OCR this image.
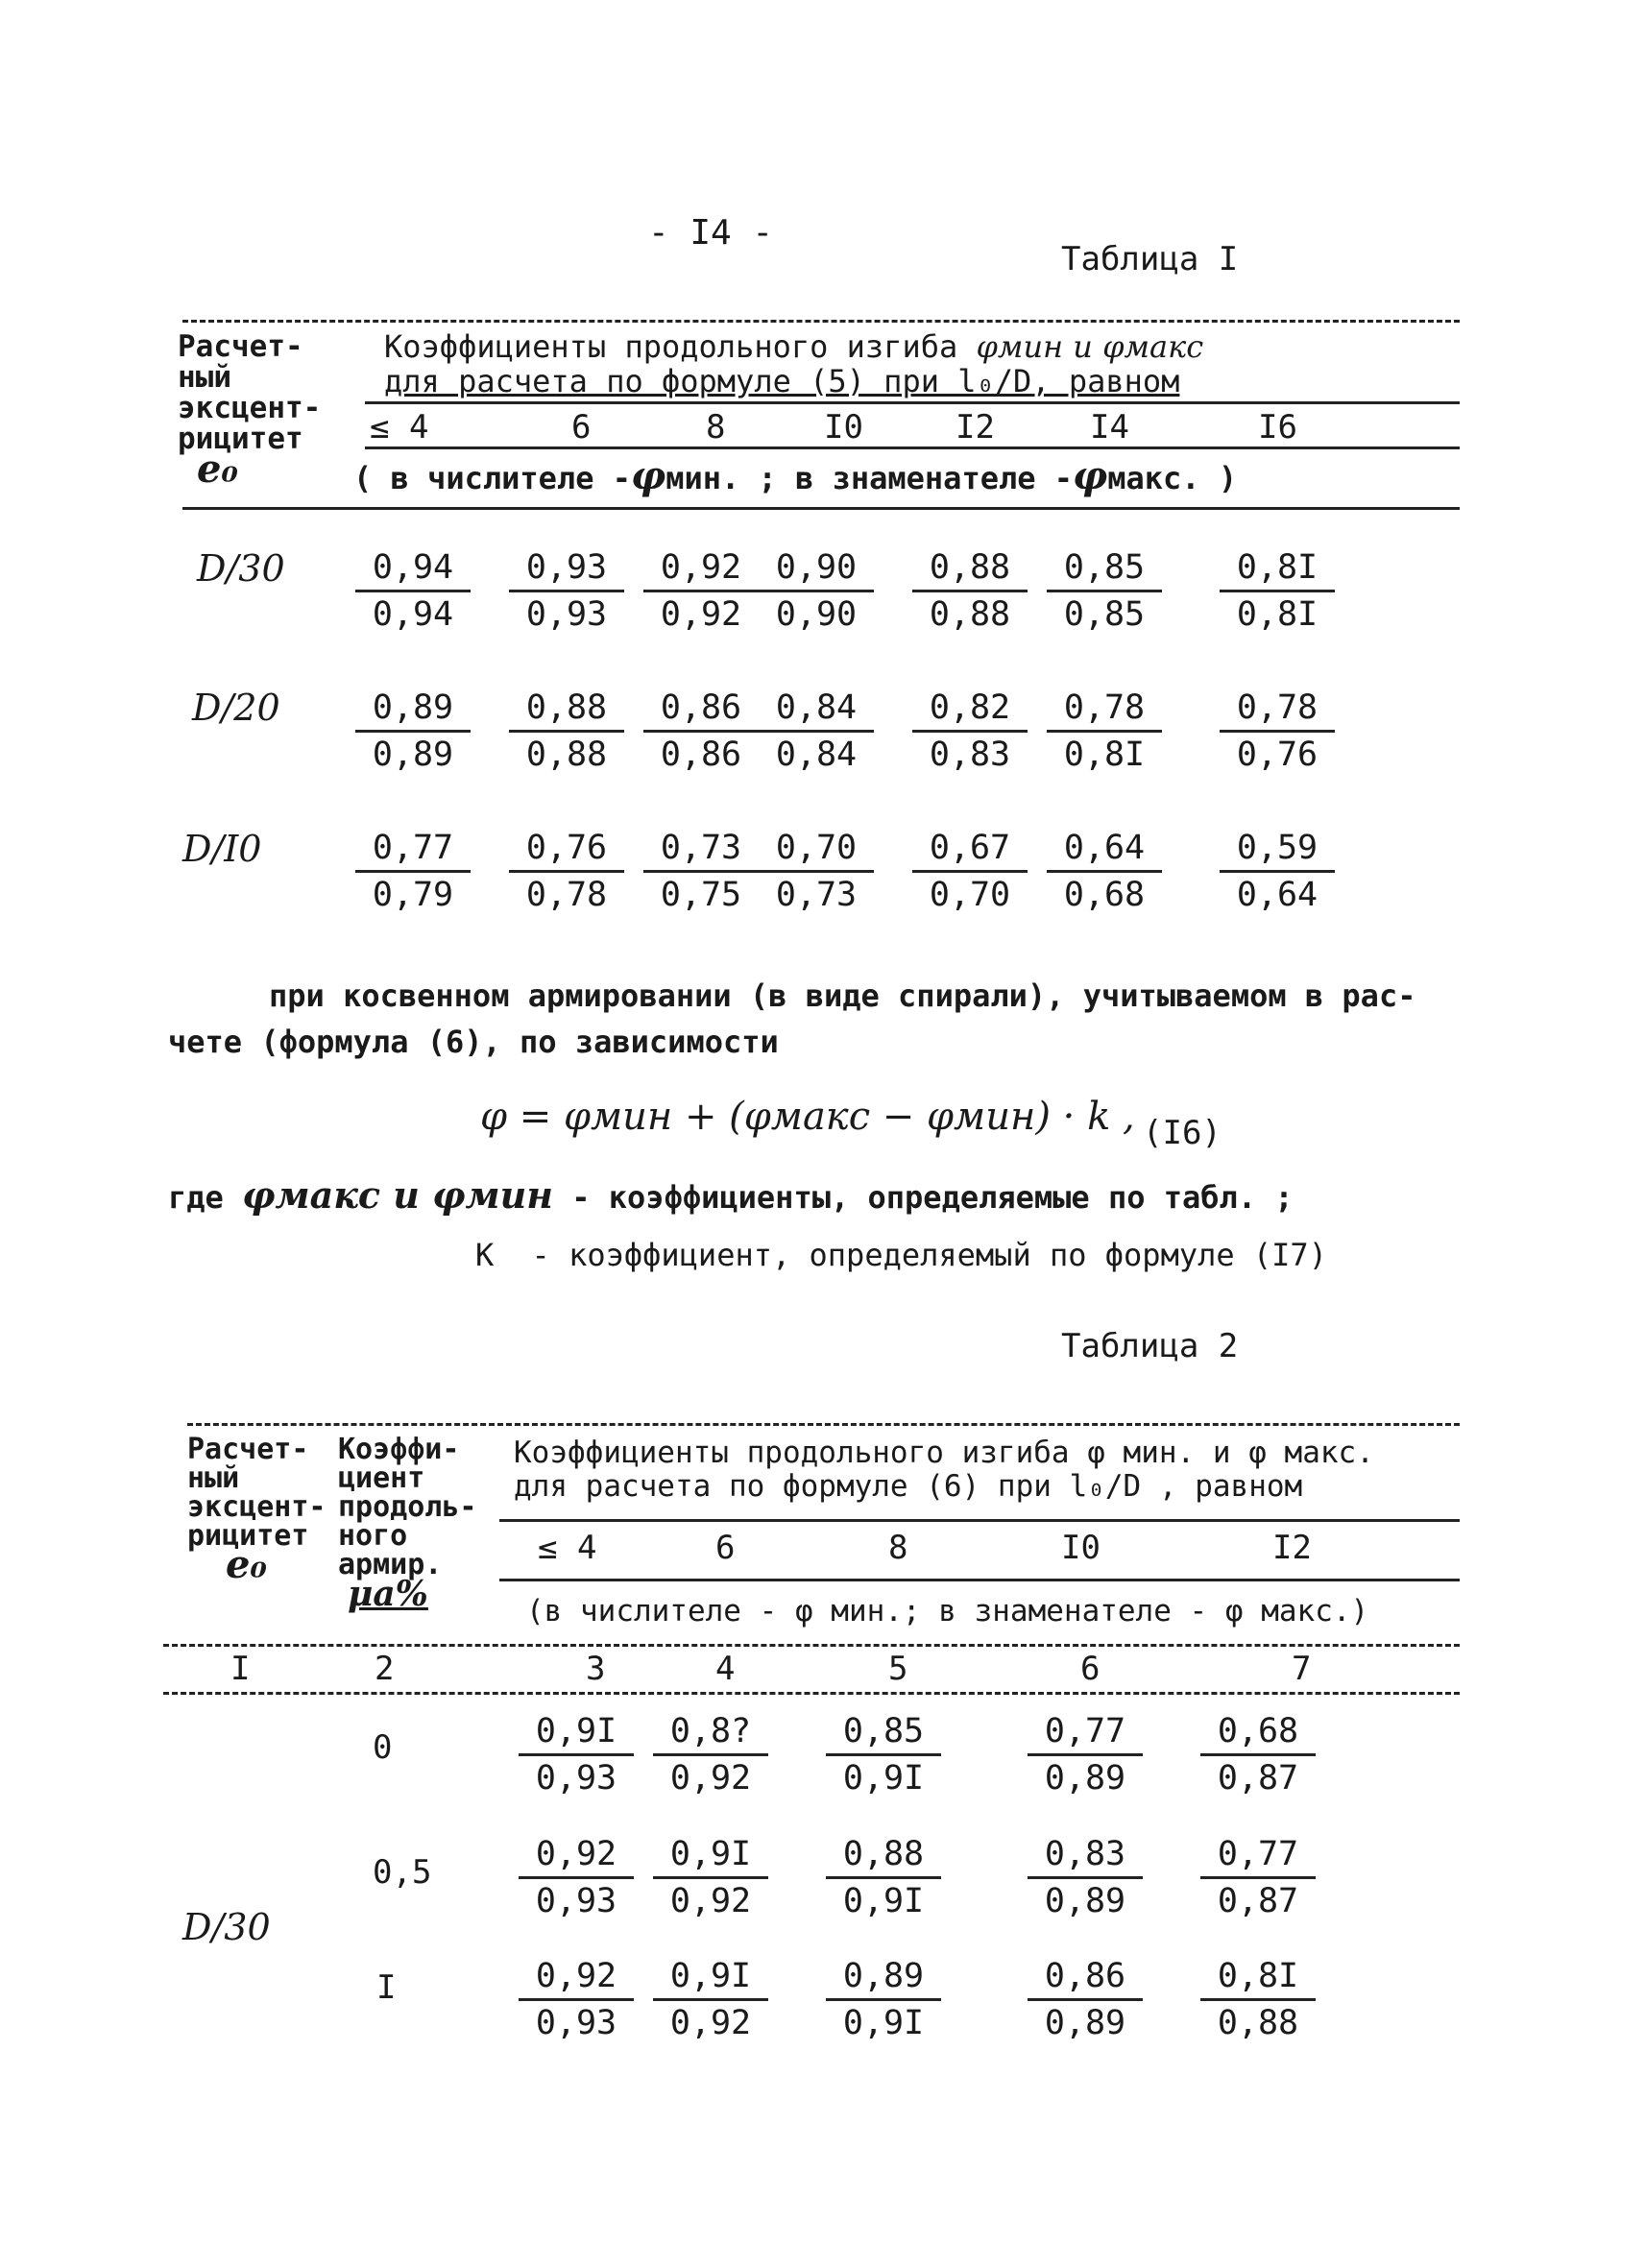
- I4 -
Таблица I
Расчет-
ный
эксцент-
рицитет
e₀
Коэффициенты продольного изгиба φмин и φмакс
для расчета по формуле (5) при l₀/D, равном
≤ 4	6	8	I0	I2	I4	I6
( в числителе -φмин. ; в знаменателе -φмакс. )
D/30
D/20
D/I0
$\frac{0,94}{0,94} \frac{0,93}{0,93} \frac{0,92}{0,92} \frac{0,90}{0,90} \frac{0,88}{0,88} \frac{0,85}{0,85} \frac{0,8I}{0,8I}$
$\frac{0,89}{0,89} \frac{0,88}{0,88} \frac{0,86}{0,86} \frac{0,84}{0,84} \frac{0,82}{0,83} \frac{0,78}{0,8I} \frac{0,78}{0,76}$
$\frac{0,77}{0,79} \frac{0,76}{0,78} \frac{0,73}{0,75} \frac{0,70}{0,73} \frac{0,67}{0,70} \frac{0,64}{0,68} \frac{0,59}{0,64}$
при косвенном армировании (в виде спирали), учитываемом в рас-
чете (формула (6), по зависимости
φ = φмин + (φмакс − φмин) · k , (I6)
где φмакс и φмин - коэффициенты, определяемые по табл. ;
K - коэффициент, определяемый по формуле (I7)
Таблица 2
Расчет-
ный
эксцент-
рицитет
e₀
Коэффи-
циент
продоль-
ного
армир.
μa%
Коэффициенты продольного изгиба φ мин. и φ макс.
для расчета по формуле (6) при l₀/D , равном
≤ 4	6	8	I0	I2
(в числителе - φ мин.; в знаменателе - φ макс.)
I	2	3	4	5	6	7
0
0,5
I
D/30
$\frac{0,9I}{0,93} \frac{0,8?}{0,92} \frac{0,85}{0,9I}$	$\frac{0,77}{0,89} \frac{0,68}{0,87}$
$\frac{0,92}{0,93} \frac{0,9I}{0,92} \frac{0,88}{0,9I}$	$\frac{0,83}{0,89} \frac{0,77}{0,87}$
$\frac{0,92}{0,93} \frac{0,9I}{0,92} \frac{0,89}{0,9I}$	$\frac{0,86}{0,89} \frac{0,8I}{0,88}$
